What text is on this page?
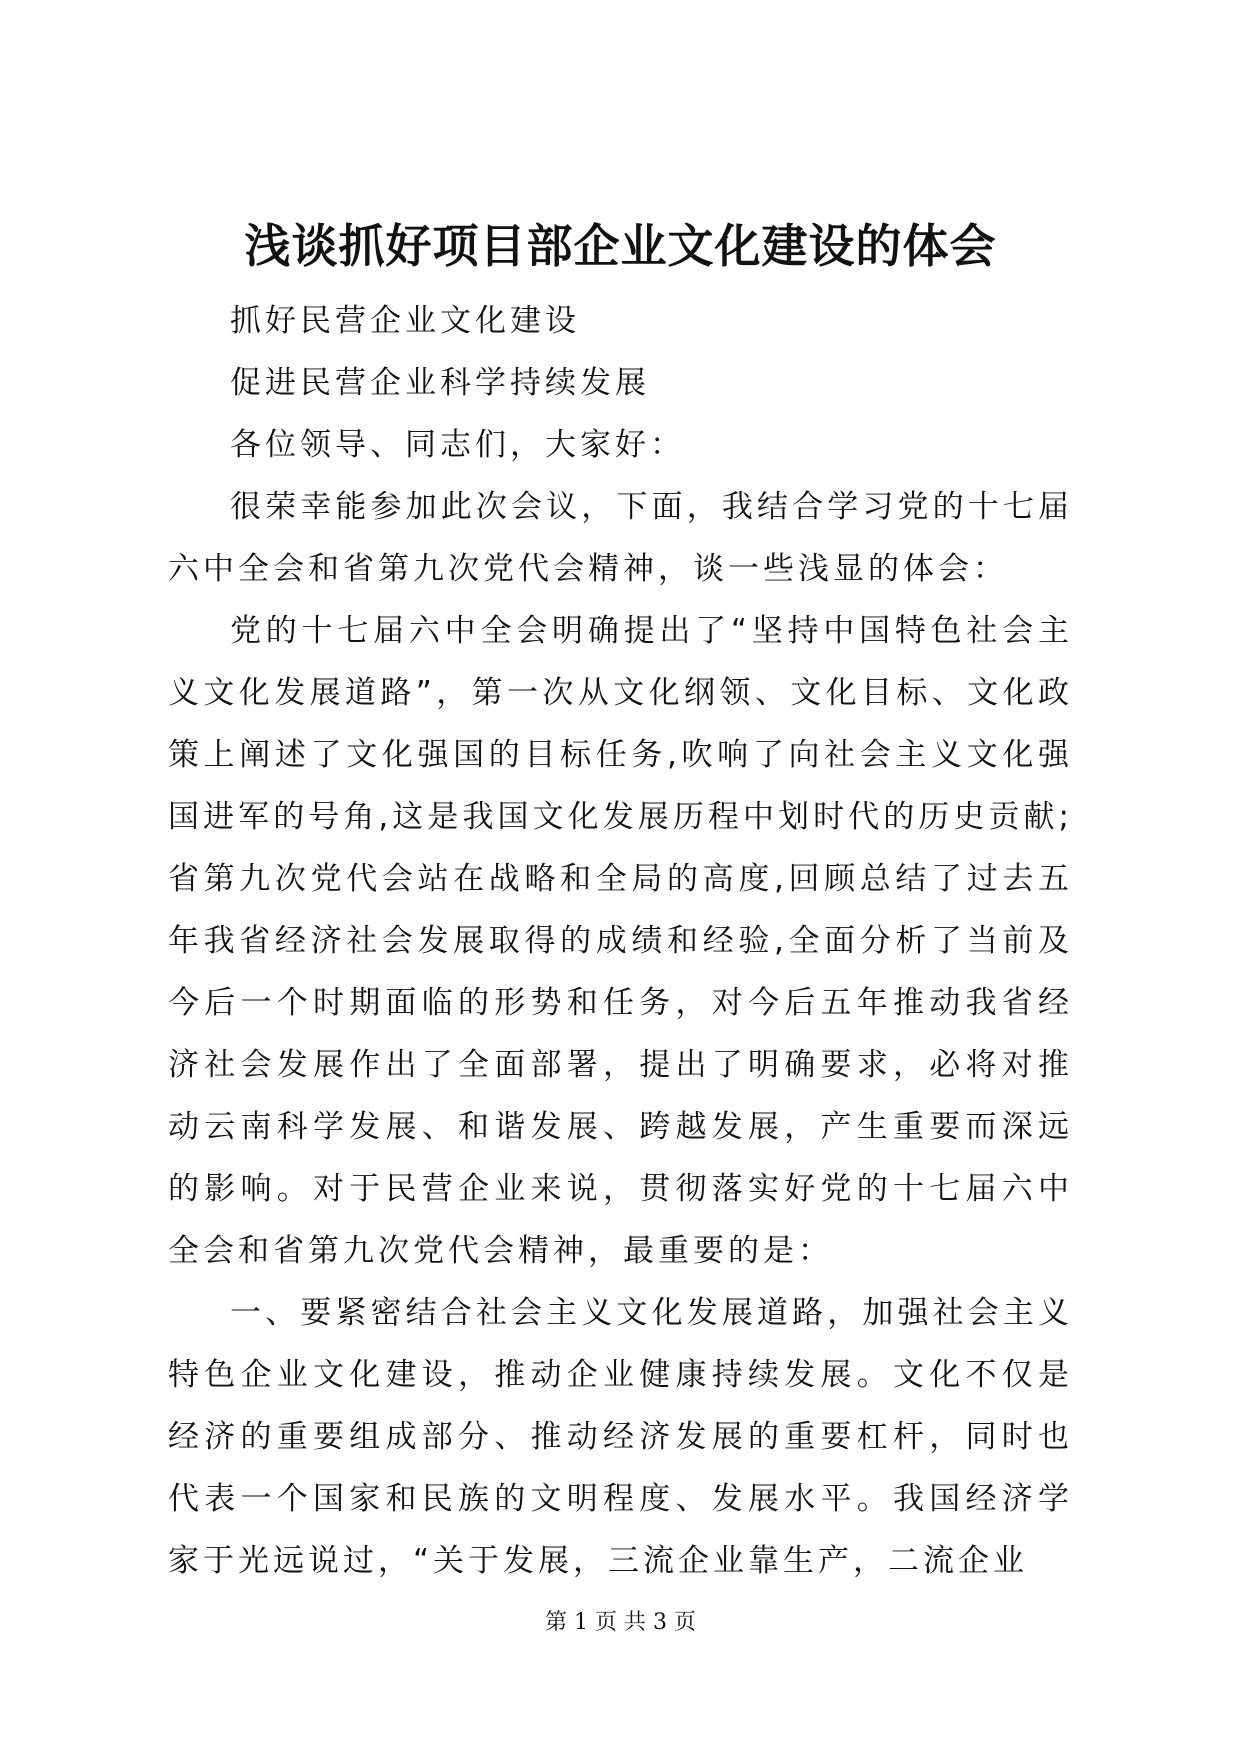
浅谈抓好项目部企业文化建设的体会

抓好民营企业文化建设

促进民营企业科学持续发展

各位领导、同志们，大家好：

很荣幸能参加此次会议，下面，我结合学习党的十七届六中全会和省第九次党代会精神，谈一些浅显的体会：

党的十七届六中全会明确提出了“坚持中国特色社会主义文化发展道路”，第一次从文化纲领、文化目标、文化政策上阐述了文化强国的目标任务,吹响了向社会主义文化强国进军的号角,这是我国文化发展历程中划时代的历史贡献;省第九次党代会站在战略和全局的高度,回顾总结了过去五年我省经济社会发展取得的成绩和经验,全面分析了当前及今后一个时期面临的形势和任务，对今后五年推动我省经济社会发展作出了全面部署，提出了明确要求，必将对推动云南科学发展、和谐发展、跨越发展，产生重要而深远的影响。对于民营企业来说，贯彻落实好党的十七届六中全会和省第九次党代会精神，最重要的是：

一、要紧密结合社会主义文化发展道路，加强社会主义特色企业文化建设，推动企业健康持续发展。文化不仅是经济的重要组成部分、推动经济发展的重要杠杆，同时也代表一个国家和民族的文明程度、发展水平。我国经济学家于光远说过，“关于发展，三流企业靠生产，二流企业

第 1 页 共 3 页
